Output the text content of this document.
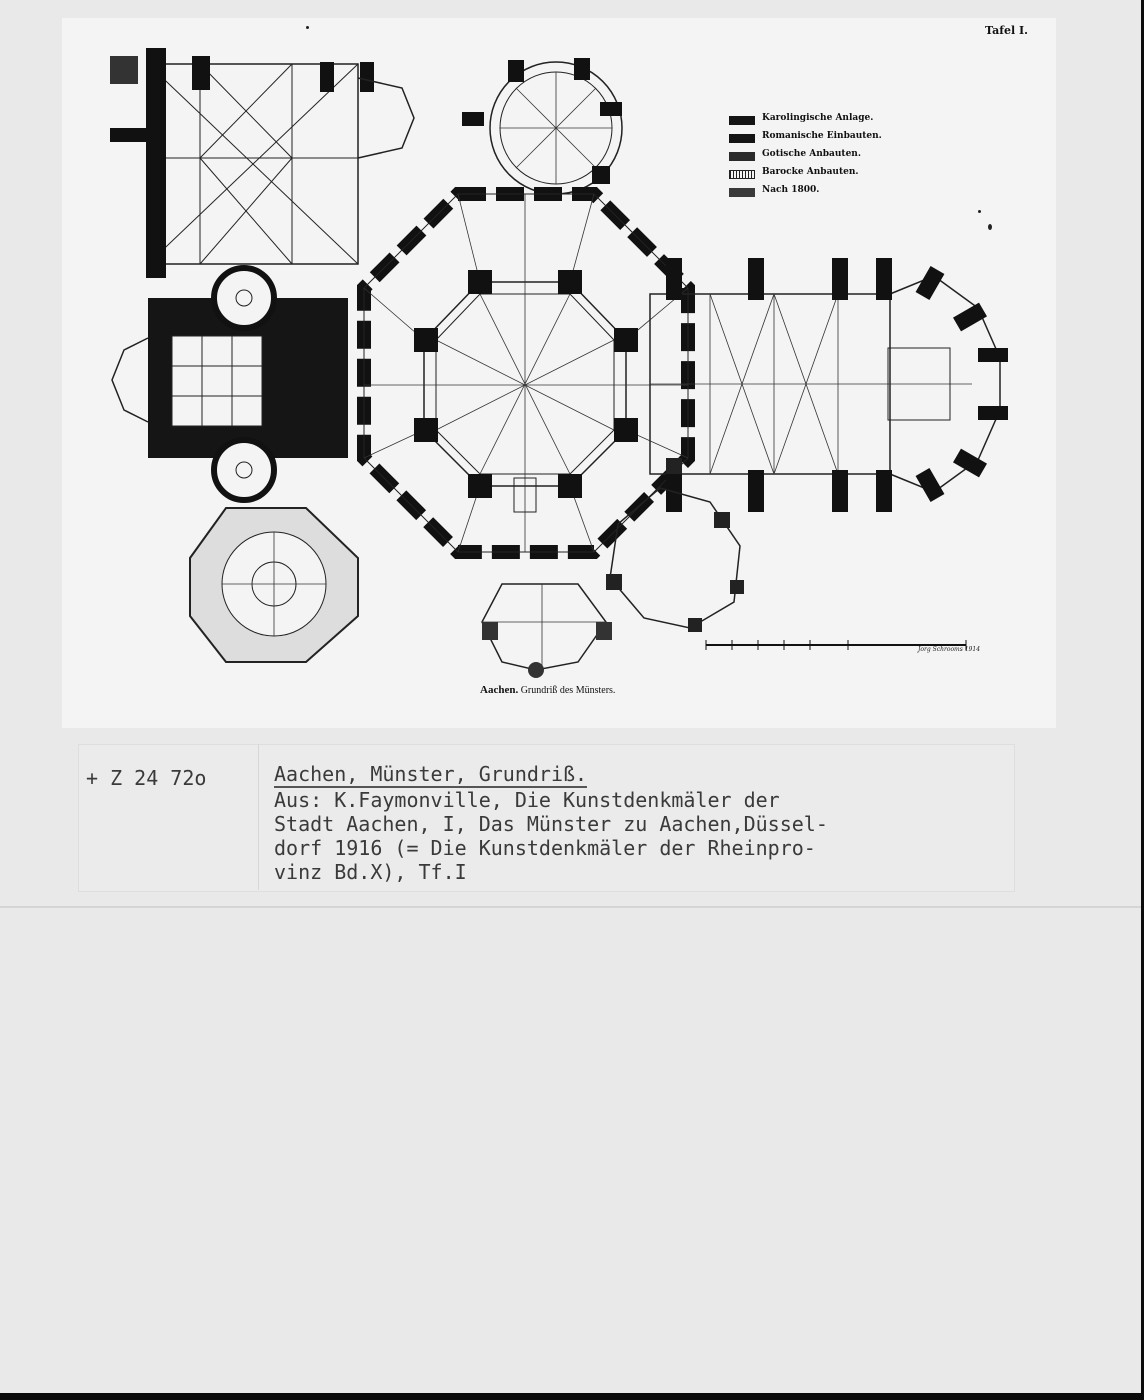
Tafel I.
Karolingische Anlage.
Romanische Einbauten.
Gotische Anbauten.
Barocke Anbauten.
Nach 1800.
Jorg Schrooms 1914
Aachen. Grundriß des Münsters.
+ Z 24 72o	Aachen, Münster, Grundriß.
Aus: K.Faymonville, Die Kunstdenkmäler der
Stadt Aachen, I, Das Münster zu Aachen,Düssel-
dorf 1916 (= Die Kunstdenkmäler der Rheinpro-
vinz Bd.X), Tf.I
